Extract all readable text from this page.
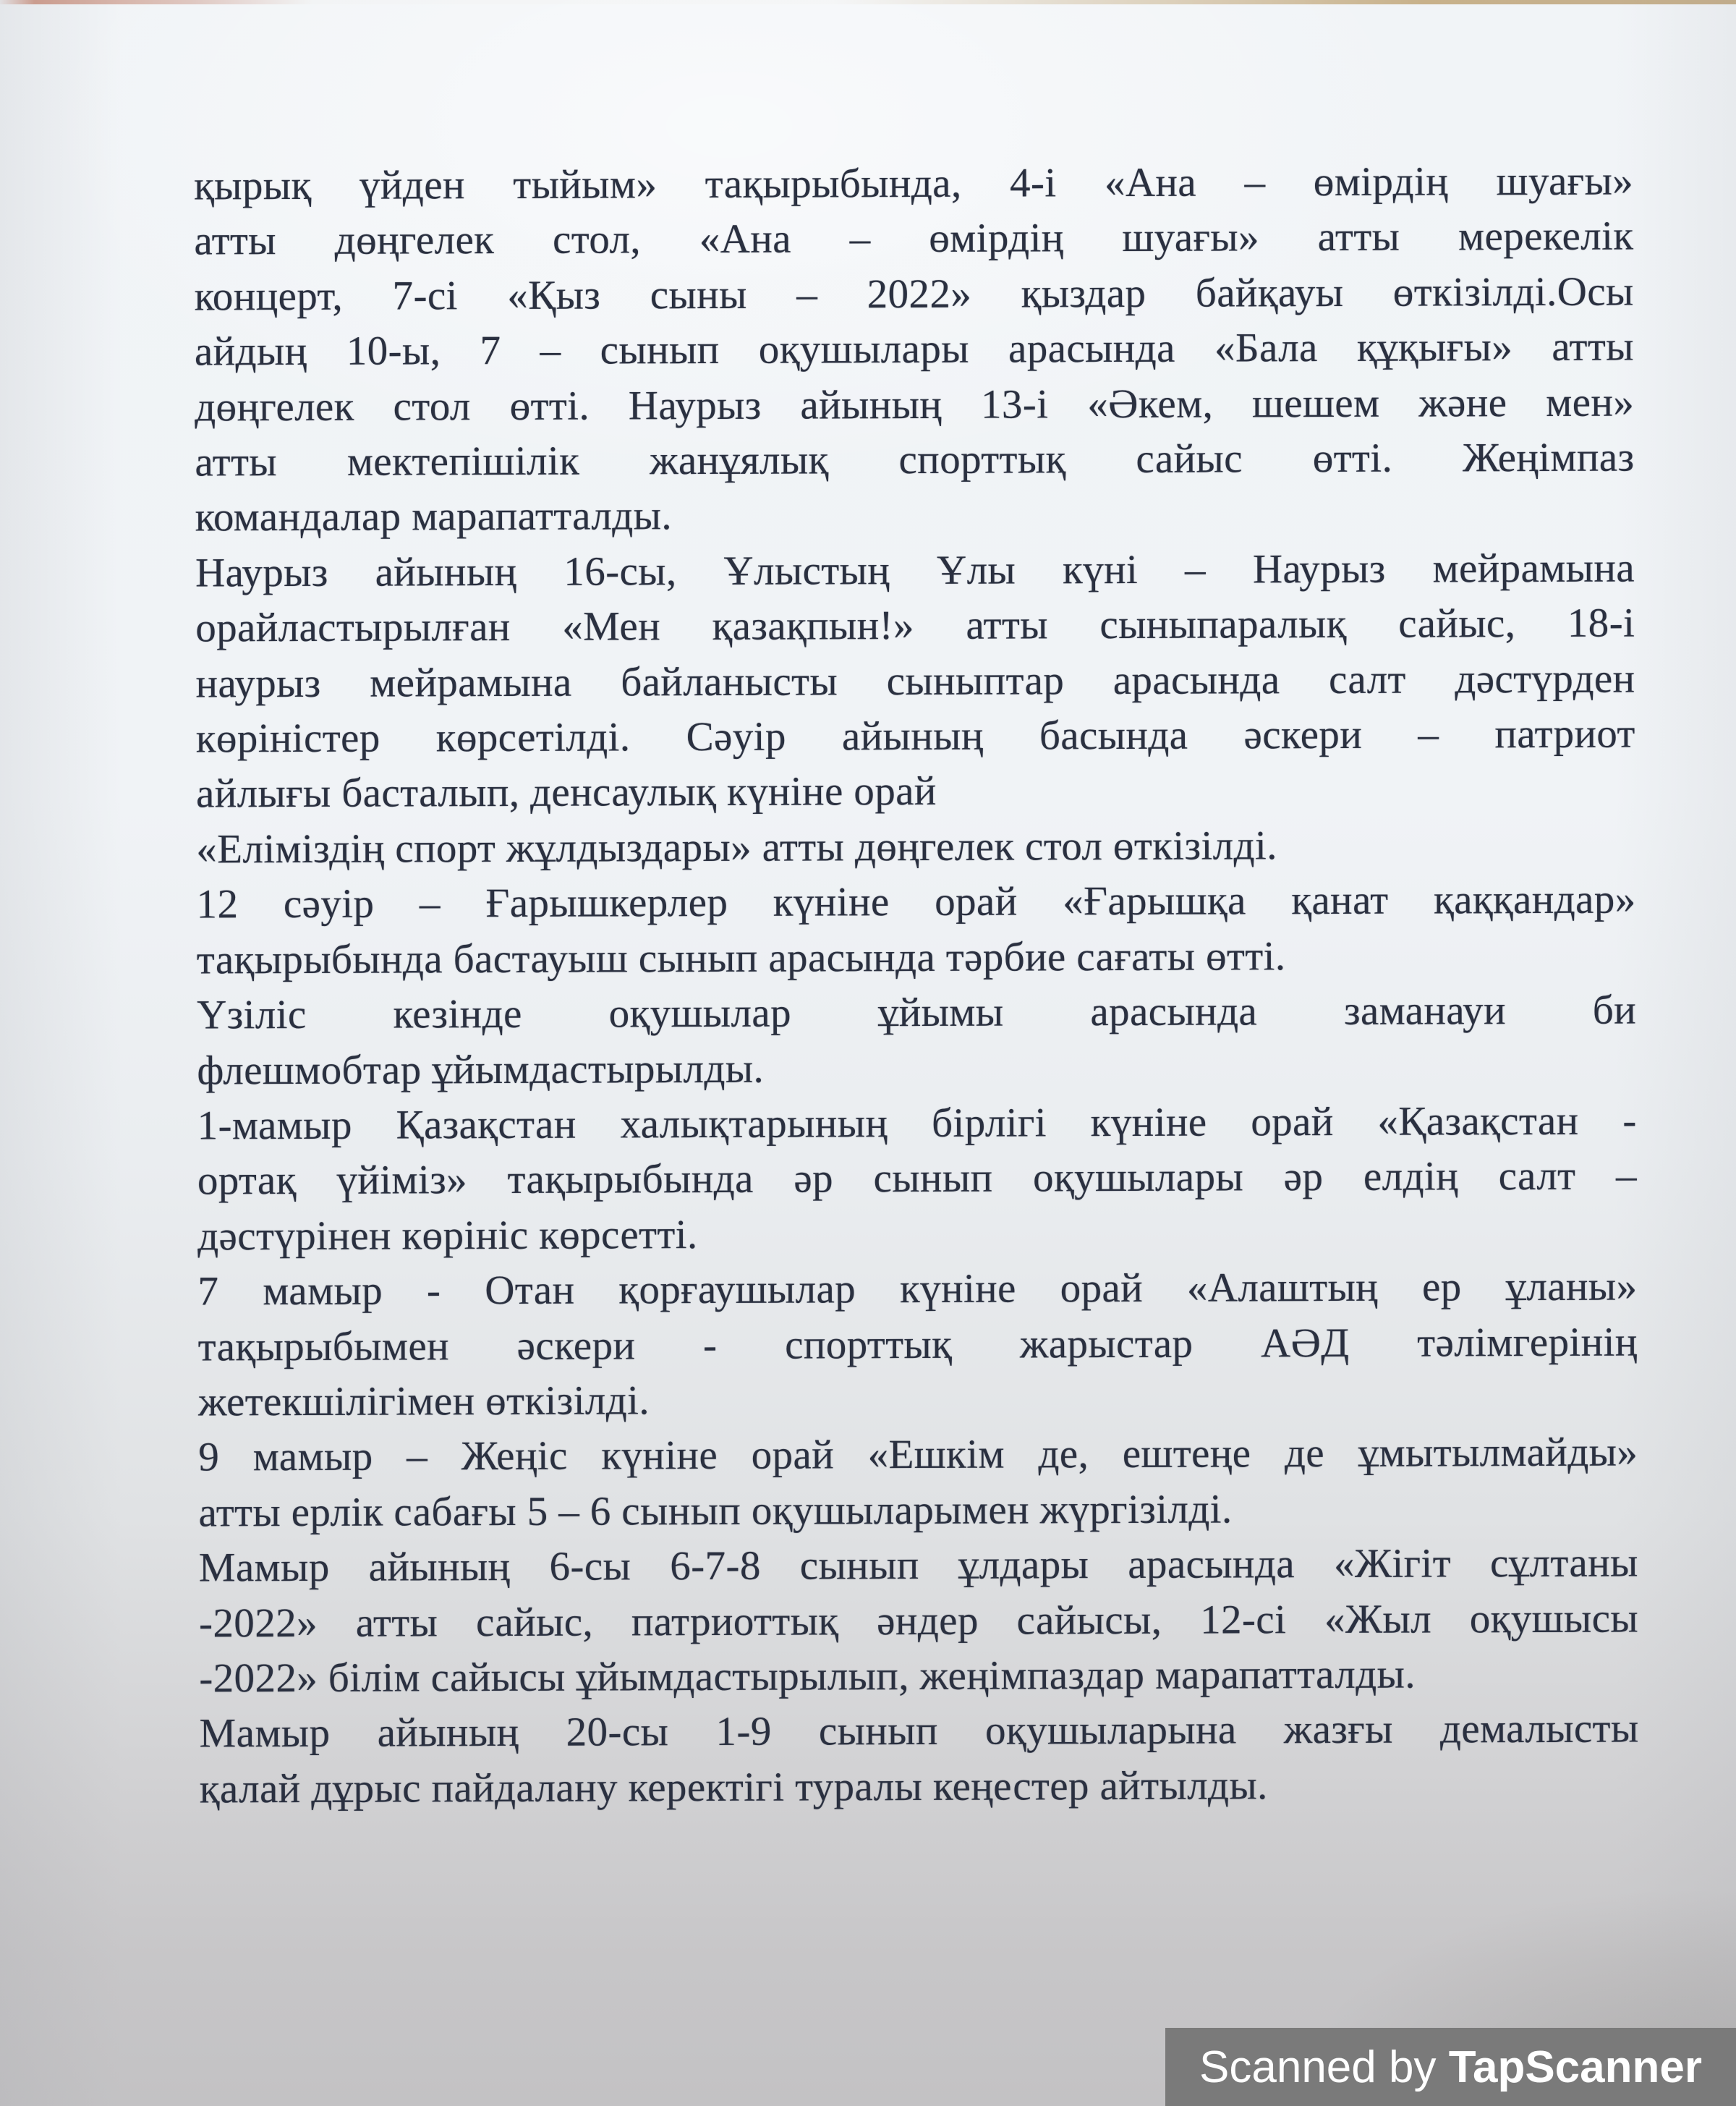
қырық үйден тыйым» тақырыбында, 4-і «Ана – өмірдің шуағы»
атты дөңгелек стол, «Ана – өмірдің шуағы» атты мерекелік
концерт, 7-сі «Қыз сыны – 2022» қыздар байқауы өткізілді.Осы
айдың 10-ы, 7 – сынып оқушылары арасында «Бала құқығы» атты
дөңгелек стол өтті. Наурыз айының 13-і «Әкем, шешем және мен»
атты мектепішілік жанұялық спорттық сайыс өтті. Жеңімпаз
командалар марапатталды.
Наурыз айының 16-сы, Ұлыстың Ұлы күні – Наурыз мейрамына
орайластырылған «Мен қазақпын!» атты сыныпаралық сайыс, 18-і
наурыз мейрамына байланысты сыныптар арасында салт дәстүрден
көріністер көрсетілді. Сәуір айының басында әскери – патриот
айлығы басталып, денсаулық күніне орай
«Еліміздің спорт жұлдыздары» атты дөңгелек стол өткізілді.
12 сәуір – Ғарышкерлер күніне орай «Ғарышқа қанат қаққандар»
тақырыбында бастауыш сынып арасында тәрбие сағаты өтті.
Үзіліс кезінде оқушылар ұйымы арасында заманауи би
флешмобтар ұйымдастырылды.
1-мамыр Қазақстан халықтарының бірлігі күніне орай «Қазақстан -
ортақ үйіміз» тақырыбында әр сынып оқушылары әр елдің салт –
дәстүрінен көрініс көрсетті.
7 мамыр - Отан қорғаушылар күніне орай «Алаштың ер ұланы»
тақырыбымен әскери - спорттық жарыстар АӘД тәлімгерінің
жетекшілігімен өткізілді.
9 мамыр – Жеңіс күніне орай «Ешкім де, ештеңе де ұмытылмайды»
атты ерлік сабағы 5 – 6 сынып оқушыларымен жүргізілді.
Мамыр айының 6-сы 6-7-8 сынып ұлдары арасында «Жігіт сұлтаны
-2022» атты сайыс, патриоттық әндер сайысы, 12-сі «Жыл оқушысы
-2022» білім сайысы ұйымдастырылып, жеңімпаздар марапатталды.
Мамыр айының 20-сы 1-9 сынып оқушыларына жазғы демалысты
қалай дұрыс пайдалану керектігі туралы кеңестер айтылды.
Scanned by TapScanner
